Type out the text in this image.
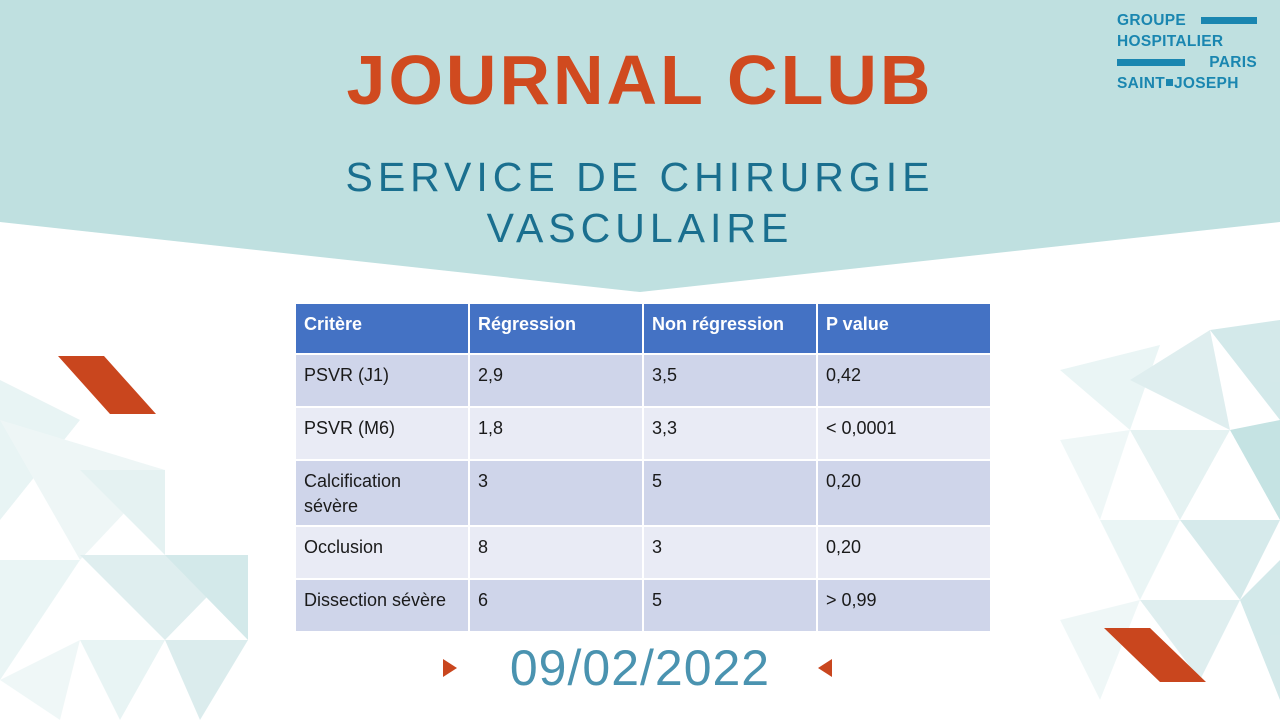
GROUPE
HOSPITALIER
PARIS
SAINT JOSEPH
JOURNAL CLUB
SERVICE DE CHIRURGIE
VASCULAIRE
Critère	Régression	Non régression	P value
PSVR (J1)	2,9	3,5	0,42
PSVR (M6)	1,8	3,3	< 0,0001
Calcification sévère	3	5	0,20
Occlusion	8	3	0,20
Dissection sévère	6	5	> 0,99
09/02/2022
